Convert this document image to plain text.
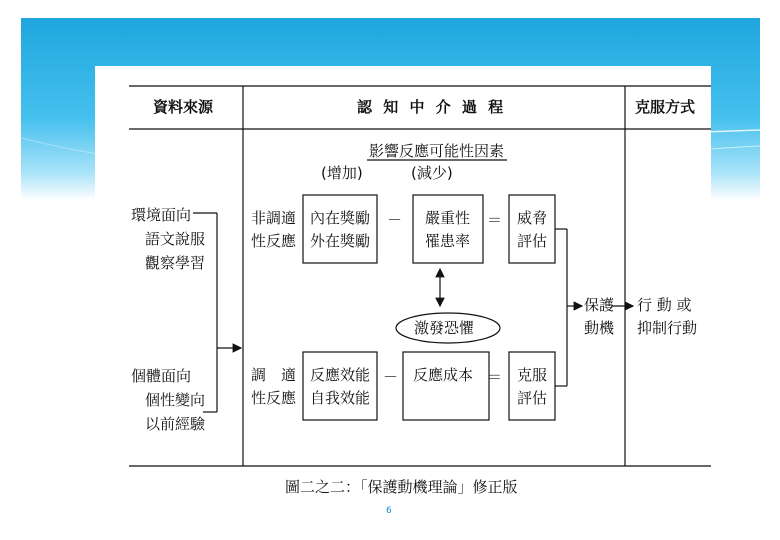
資料來源	認 知 中 介 過 程	克服方式
影響反應可能性因素
(增加)	(減少)
環境面向
語文說服
觀察學習
個體面向
個性變向
以前經驗
非調適
性反應
調　適
性反應
內在獎勵
外在獎勵
－ 嚴重性
罹患率
＝ 威脅
評估
激發恐懼
反應效能
自我效能
－ 反應成本 ＝ 克服
評估
保護
動機
行 動 或
抑制行動
圖二之二：「保護動機理論」修正版
6
